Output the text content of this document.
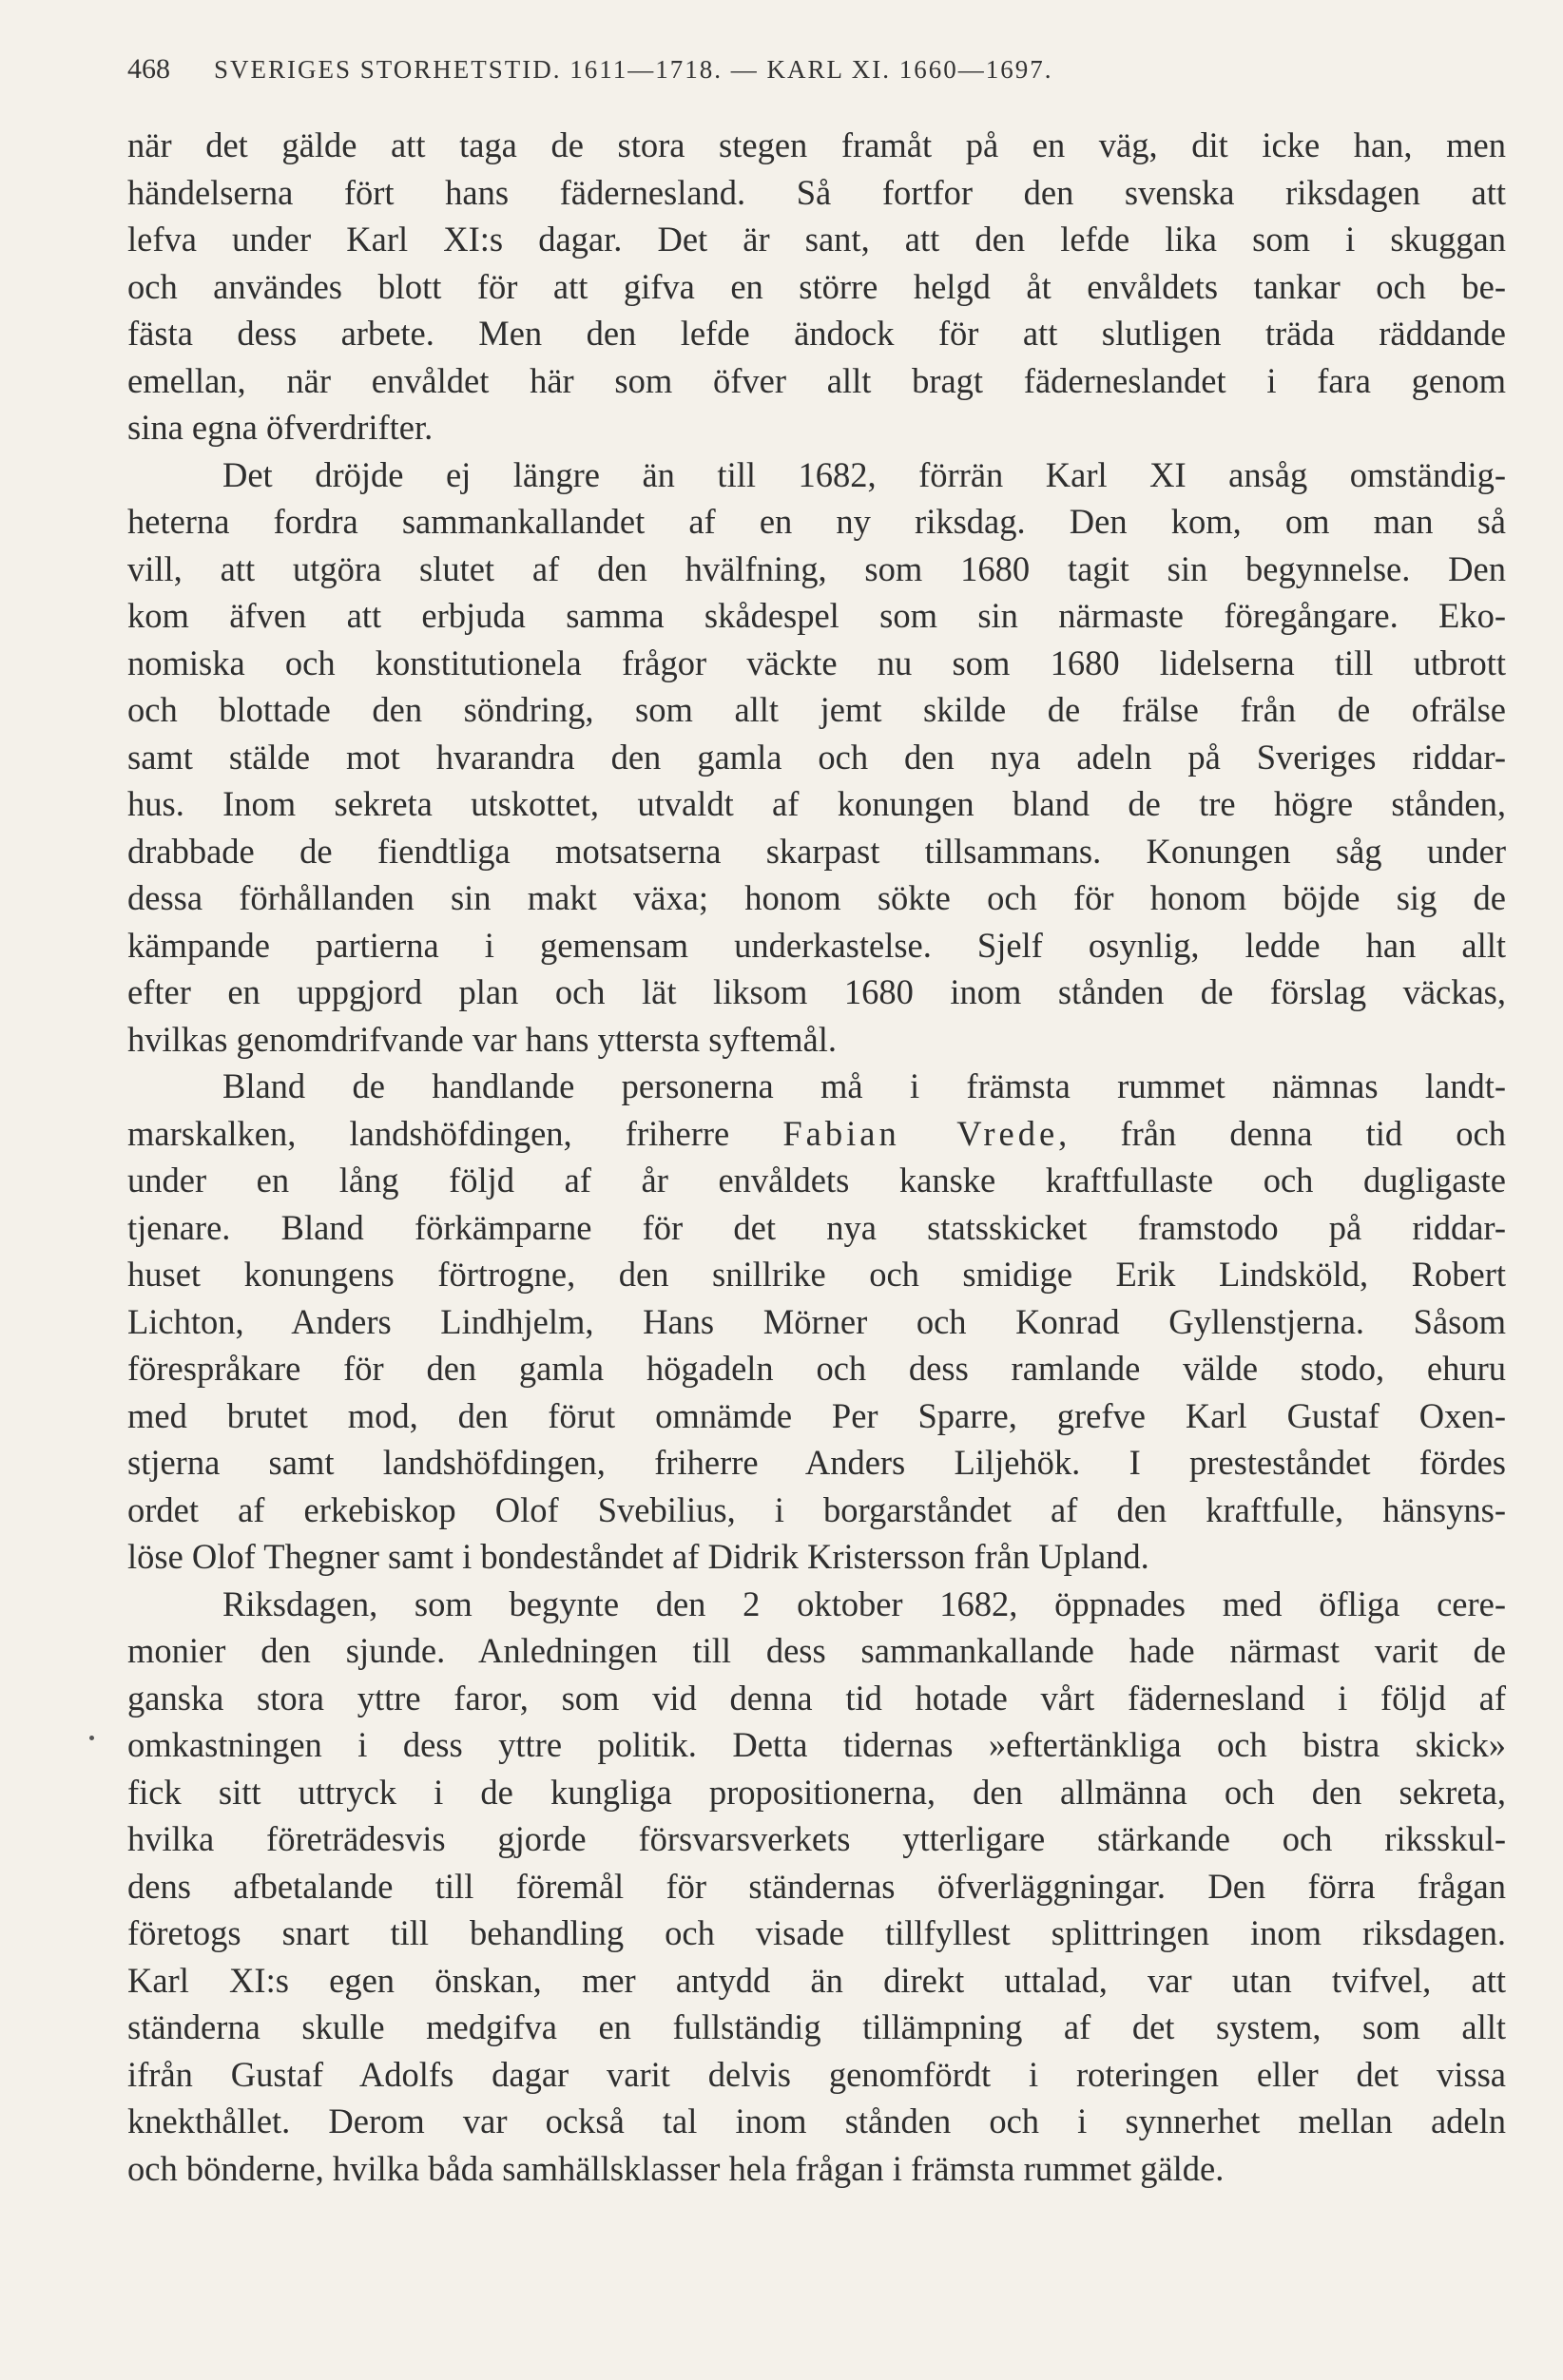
468 SVERIGES STORHETSTID. 1611—1718. — KARL XI. 1660—1697.

när det gälde att taga de stora stegen framåt på en väg, dit icke han, men
händelserna fört hans fädernesland. Så fortfor den svenska riksdagen att
lefva under Karl XI:s dagar. Det är sant, att den lefde lika som i skuggan
och användes blott för att gifva en större helgd åt envåldets tankar och be-
fästa dess arbete. Men den lefde ändock för att slutligen träda räddande
emellan, när envåldet här som öfver allt bragt fäderneslandet i fara genom
sina egna öfverdrifter.

Det dröjde ej längre än till 1682, förrän Karl XI ansåg omständig-
heterna fordra sammankallandet af en ny riksdag. Den kom, om man så
vill, att utgöra slutet af den hvälfning, som 1680 tagit sin begynnelse. Den
kom äfven att erbjuda samma skådespel som sin närmaste föregångare. Eko-
nomiska och konstitutionela frågor väckte nu som 1680 lidelserna till utbrott
och blottade den söndring, som allt jemt skilde de frälse från de ofrälse
samt stälde mot hvarandra den gamla och den nya adeln på Sveriges riddar-
hus. Inom sekreta utskottet, utvaldt af konungen bland de tre högre stånden,
drabbade de fiendtliga motsatserna skarpast tillsammans. Konungen såg under
dessa förhållanden sin makt växa; honom sökte och för honom böjde sig de
kämpande partierna i gemensam underkastelse. Sjelf osynlig, ledde han allt
efter en uppgjord plan och lät liksom 1680 inom stånden de förslag väckas,
hvilkas genomdrifvande var hans yttersta syftemål.

Bland de handlande personerna må i främsta rummet nämnas landt-
marskalken, landshöfdingen, friherre Fabian Vrede, från denna tid och
under en lång följd af år envåldets kanske kraftfullaste och dugligaste
tjenare. Bland förkämparne för det nya statsskicket framstodo på riddar-
huset konungens förtrogne, den snillrike och smidige Erik Lindsköld, Robert
Lichton, Anders Lindhjelm, Hans Mörner och Konrad Gyllenstjerna. Såsom
förespråkare för den gamla högadeln och dess ramlande välde stodo, ehuru
med brutet mod, den förut omnämde Per Sparre, grefve Karl Gustaf Oxen-
stjerna samt landshöfdingen, friherre Anders Liljehök. I presteståndet fördes
ordet af erkebiskop Olof Svebilius, i borgarståndet af den kraftfulle, hänsyns-
löse Olof Thegner samt i bondeståndet af Didrik Kristersson från Upland.

Riksdagen, som begynte den 2 oktober 1682, öppnades med öfliga cere-
monier den sjunde. Anledningen till dess sammankallande hade närmast varit de
ganska stora yttre faror, som vid denna tid hotade vårt fädernesland i följd af
omkastningen i dess yttre politik. Detta tidernas »eftertänkliga och bistra skick»
fick sitt uttryck i de kungliga propositionerna, den allmänna och den sekreta,
hvilka företrädesvis gjorde försvarsverkets ytterligare stärkande och riksskul-
dens afbetalande till föremål för ständernas öfverläggningar. Den förra frågan
företogs snart till behandling och visade tillfyllest splittringen inom riksdagen.
Karl XI:s egen önskan, mer antydd än direkt uttalad, var utan tvifvel, att
ständerna skulle medgifva en fullständig tillämpning af det system, som allt
ifrån Gustaf Adolfs dagar varit delvis genomfördt i roteringen eller det vissa
knekthållet. Derom var också tal inom stånden och i synnerhet mellan adeln
och bönderne, hvilka båda samhällsklasser hela frågan i främsta rummet gälde.
